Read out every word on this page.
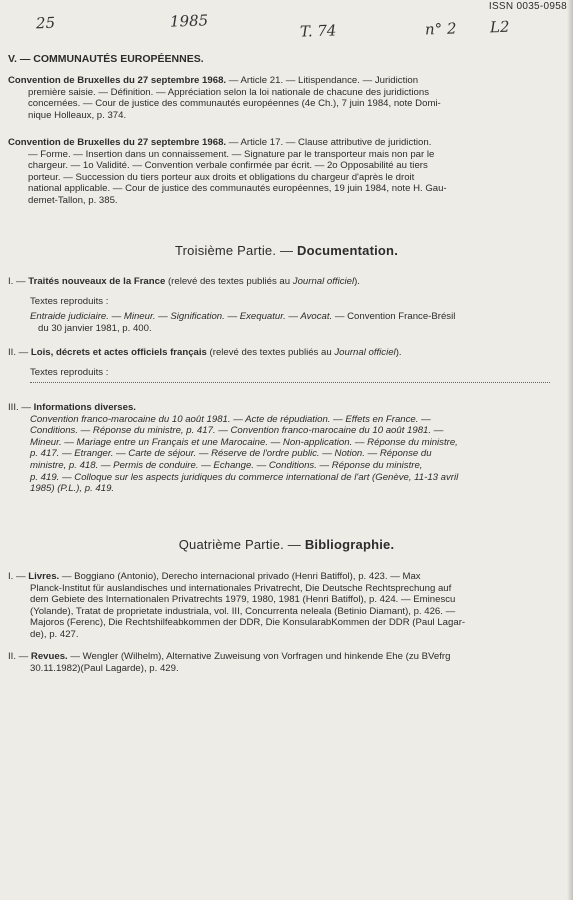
25	1985
T. 74	n° 2 L2
ISSN 0035-0958
V. — COMMUNAUTÉS EUROPÉENNES.
Convention de Bruxelles du 27 septembre 1968. — Article 21. — Litispendance. — Juridiction
première saisie. — Définition. — Appréciation selon la loi nationale de chacune des juridictions
concernées. — Cour de justice des communautés européennes (4e Ch.), 7 juin 1984, note Domi-
nique Holleaux, p. 374.
Convention de Bruxelles du 27 septembre 1968. — Article 17. — Clause attributive de juridiction.
— Forme. — Insertion dans un connaissement. — Signature par le transporteur mais non par le
chargeur. — 1o Validité. — Convention verbale confirmée par écrit. — 2o Opposabilité au tiers
porteur. — Succession du tiers porteur aux droits et obligations du chargeur d'après le droit
national applicable. — Cour de justice des communautés européennes, 19 juin 1984, note H. Gau-
demet-Tallon, p. 385.
Troisième Partie. — Documentation.
I. — Traités nouveaux de la France (relevé des textes publiés au Journal officiel).
Textes reproduits :
Entraide judiciaire. — Mineur. — Signification. — Exequatur. — Avocat. — Convention France-Brésil
du 30 janvier 1981, p. 400.
II. — Lois, décrets et actes officiels français (relevé des textes publiés au Journal officiel).
Textes reproduits :
III. — Informations diverses.
Convention franco-marocaine du 10 août 1981. — Acte de répudiation. — Effets en France. —
Conditions. — Réponse du ministre, p. 417. — Convention franco-marocaine du 10 août 1981. —
Mineur. — Mariage entre un Français et une Marocaine. — Non-application. — Réponse du ministre,
p. 417. — Etranger. — Carte de séjour. — Réserve de l'ordre public. — Notion. — Réponse du
ministre, p. 418. — Permis de conduire. — Echange. — Conditions. — Réponse du ministre,
p. 419. — Colloque sur les aspects juridiques du commerce international de l'art (Genève, 11-13 avril
1985) (P.L.), p. 419.
Quatrième Partie. — Bibliographie.
I. — Livres. — Boggiano (Antonio), Derecho internacional privado (Henri Batiffol), p. 423. — Max
Planck-Institut für auslandisches und internationales Privatrecht, Die Deutsche Rechtsprechung auf
dem Gebiete des Internationalen Privatrechts 1979, 1980, 1981 (Henri Batiffol), p. 424. — Eminescu
(Yolande), Tratat de proprietate industriala, vol. III, Concurrenta neleala (Betinio Diamant), p. 426. —
Majoros (Ferenc), Die Rechtshilfeabkommen der DDR, Die KonsularabKommen der DDR (Paul Lagar-
de), p. 427.
II. — Revues. — Wengler (Wilhelm), Alternative Zuweisung von Vorfragen und hinkende Ehe (zu BVefrg
30.11.1982)(Paul Lagarde), p. 429.
